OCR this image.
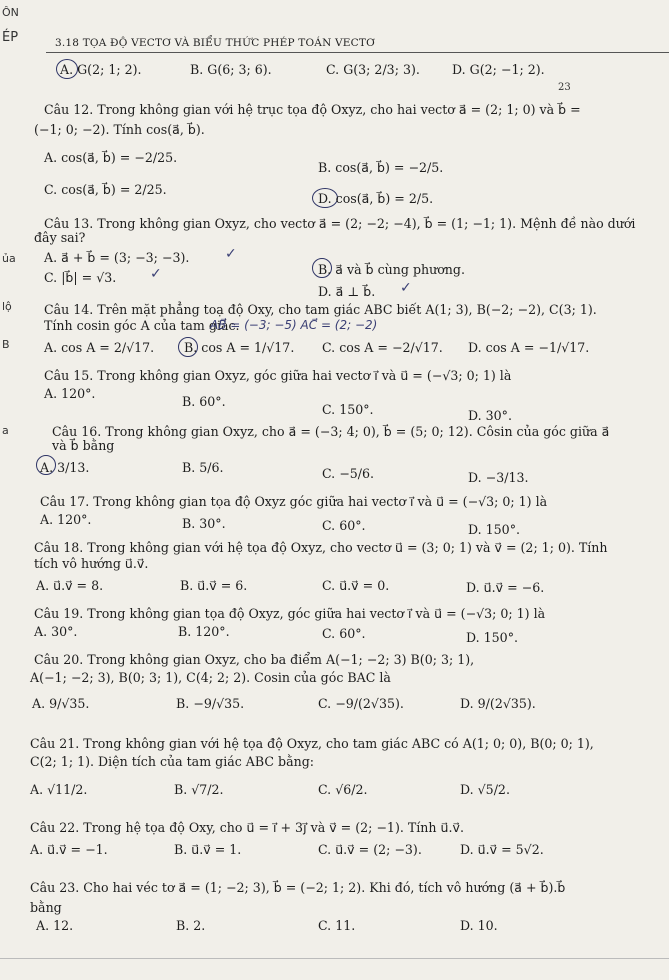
ÔN
ÉP
ủa
lộ
B
a
3.18 TỌA ĐỘ VECTƠ VÀ BIỂU THỨC PHÉP TOÁN VECTƠ
23
A. G(2; 1; 2).	B. G(6; 3; 6).	C. G(3; 2/3; 3).	D. G(2; −1; 2).
Câu 12. Trong không gian với hệ trục tọa độ Oxyz, cho hai vectơ a⃗ = (2; 1; 0) và b⃗ =
(−1; 0; −2). Tính cos(a⃗, b⃗).
A. cos(a⃗, b⃗) = −2/25.
B. cos(a⃗, b⃗) = −2/5.
C. cos(a⃗, b⃗) = 2/25.
D. cos(a⃗, b⃗) = 2/5.
Câu 13. Trong không gian Oxyz, cho vectơ a⃗ = (2; −2; −4), b⃗ = (1; −1; 1). Mệnh đề nào dưới
đây sai?
A. a⃗ + b⃗ = (3; −3; −3).	✓
B. a⃗ và b⃗ cùng phương.
C. |b⃗| = √3. ✓
D. a⃗ ⊥ b⃗. ✓
Câu 14. Trên mặt phẳng toạ độ Oxy, cho tam giác ABC biết A(1; 3), B(−2; −2), C(3; 1).
Tính cosin góc A của tam giác.
AB⃗ = (−3; −5) AC⃗ = (2; −2)
A. cos A = 2/√17. B. cos A = 1/√17. C. cos A = −2/√17. D. cos A = −1/√17.
Câu 15. Trong không gian Oxyz, góc giữa hai vectơ i⃗ và u⃗ = (−√3; 0; 1) là
A. 120°.
B. 60°.
C. 150°.	D. 30°.
Câu 16. Trong không gian Oxyz, cho a⃗ = (−3; 4; 0), b⃗ = (5; 0; 12). Côsin của góc giữa a⃗
và b⃗ bằng
A. 3/13.	B. 5/6.	C. −5/6.	D. −3/13.
Câu 17. Trong không gian tọa độ Oxyz góc giữa hai vectơ i⃗ và u⃗ = (−√3; 0; 1) là
A. 120°.	B. 30°.	C. 60°.	D. 150°.
Câu 18. Trong không gian với hệ tọa độ Oxyz, cho vectơ u⃗ = (3; 0; 1) và v⃗ = (2; 1; 0). Tính
tích vô hướng u⃗.v⃗.
A. u⃗.v⃗ = 8.	B. u⃗.v⃗ = 6.	C. u⃗.v⃗ = 0.	D. u⃗.v⃗ = −6.
Câu 19. Trong không gian tọa độ Oxyz, góc giữa hai vectơ i⃗ và u⃗ = (−√3; 0; 1) là
A. 30°.	B. 120°.	C. 60°.	D. 150°.
Câu 20. Trong không gian Oxyz, cho ba điểm A(−1; −2; 3) B(0; 3; 1),
A(−1; −2; 3), B(0; 3; 1), C(4; 2; 2). Cosin của góc BAC là
A. 9/√35.	B. −9/√35.	C. −9/(2√35).	D. 9/(2√35).
Câu 21. Trong không gian với hệ tọa độ Oxyz, cho tam giác ABC có A(1; 0; 0), B(0; 0; 1),
C(2; 1; 1). Diện tích của tam giác ABC bằng:
A. √11/2.	B. √7/2.	C. √6/2.	D. √5/2.
Câu 22. Trong hệ tọa độ Oxy, cho u⃗ = i⃗ + 3j⃗ và v⃗ = (2; −1). Tính u⃗.v⃗.
A. u⃗.v⃗ = −1.	B. u⃗.v⃗ = 1.	C. u⃗.v⃗ = (2; −3).	D. u⃗.v⃗ = 5√2.
Câu 23. Cho hai véc tơ a⃗ = (1; −2; 3), b⃗ = (−2; 1; 2). Khi đó, tích vô hướng (a⃗ + b⃗).b⃗
bằng
A. 12.	B. 2.	C. 11.	D. 10.
